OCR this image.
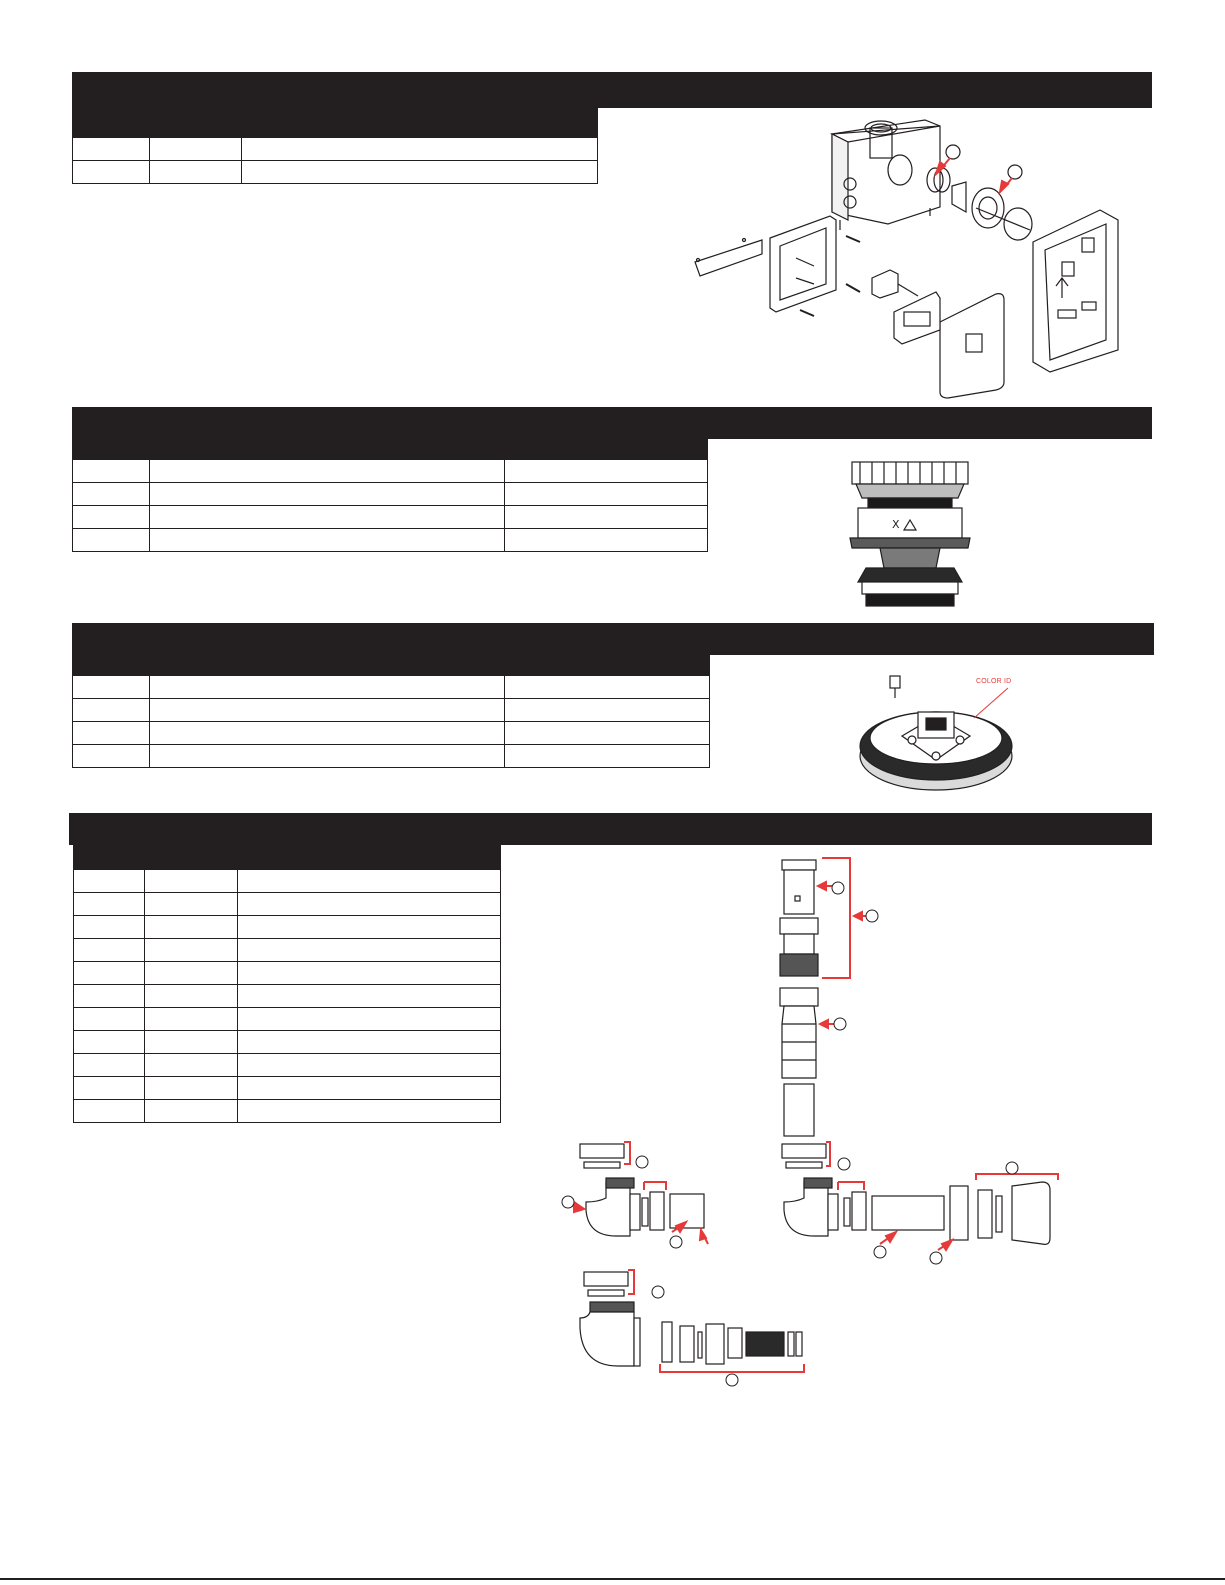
X

COLOR ID
